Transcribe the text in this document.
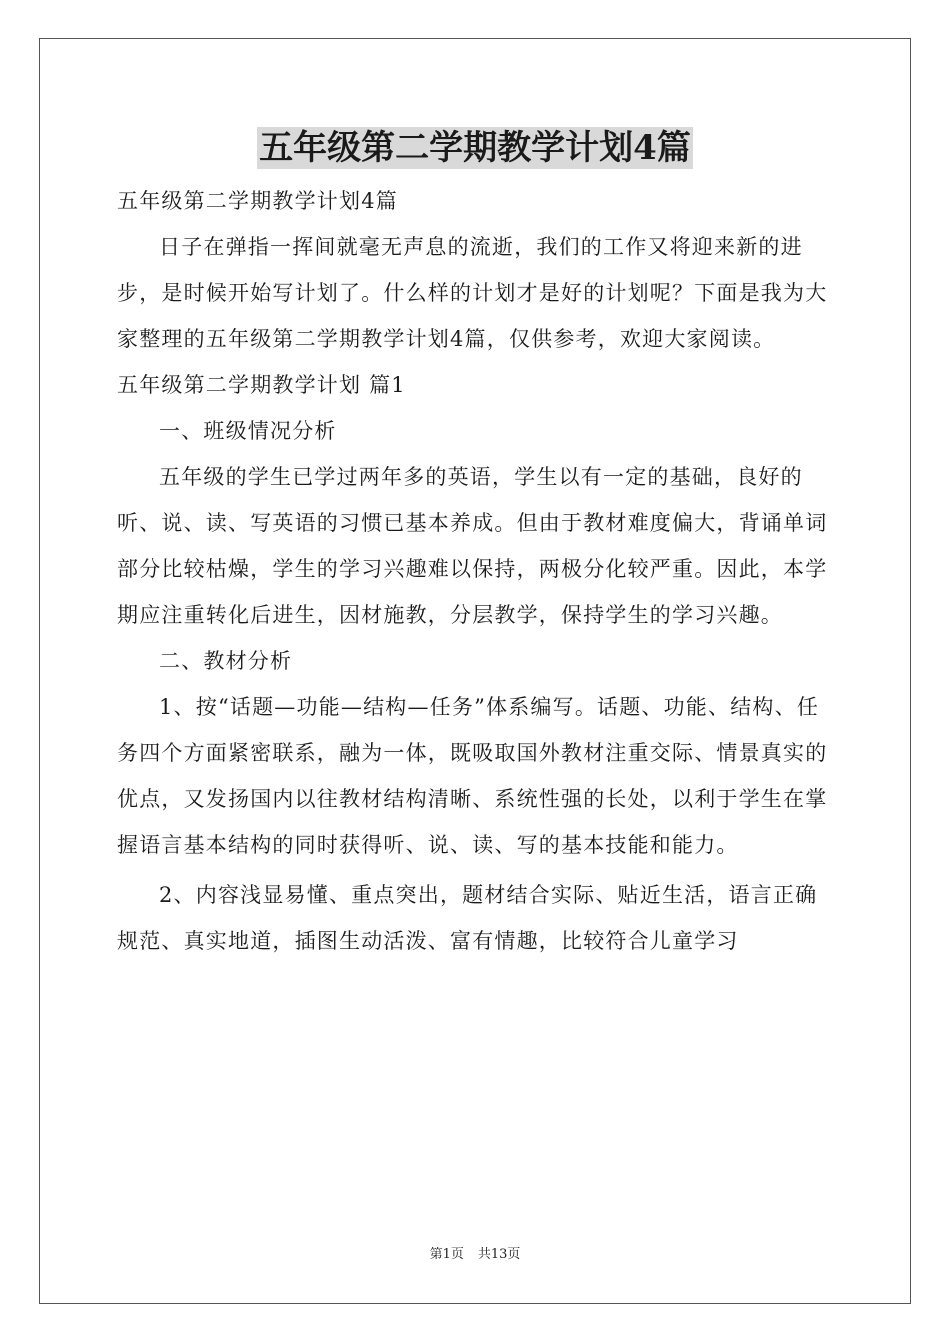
五年级第二学期教学计划4篇

五年级第二学期教学计划4篇

日子在弹指一挥间就毫无声息的流逝，我们的工作又将迎来新的进步，是时候开始写计划了。什么样的计划才是好的计划呢？下面是我为大家整理的五年级第二学期教学计划4篇，仅供参考，欢迎大家阅读。

五年级第二学期教学计划 篇1

一、班级情况分析

五年级的学生已学过两年多的英语，学生以有一定的基础，良好的听、说、读、写英语的习惯已基本养成。但由于教材难度偏大，背诵单词部分比较枯燥，学生的学习兴趣难以保持，两极分化较严重。因此，本学期应注重转化后进生，因材施教，分层教学，保持学生的学习兴趣。

二、教材分析

1、按“话题—功能—结构—任务”体系编写。话题、功能、结构、任务四个方面紧密联系，融为一体，既吸取国外教材注重交际、情景真实的优点，又发扬国内以往教材结构清晰、系统性强的长处，以利于学生在掌握语言基本结构的同时获得听、说、读、写的基本技能和能力。

2、内容浅显易懂、重点突出，题材结合实际、贴近生活，语言正确规范、真实地道，插图生动活泼、富有情趣，比较符合儿童学习

第1页 共13页
